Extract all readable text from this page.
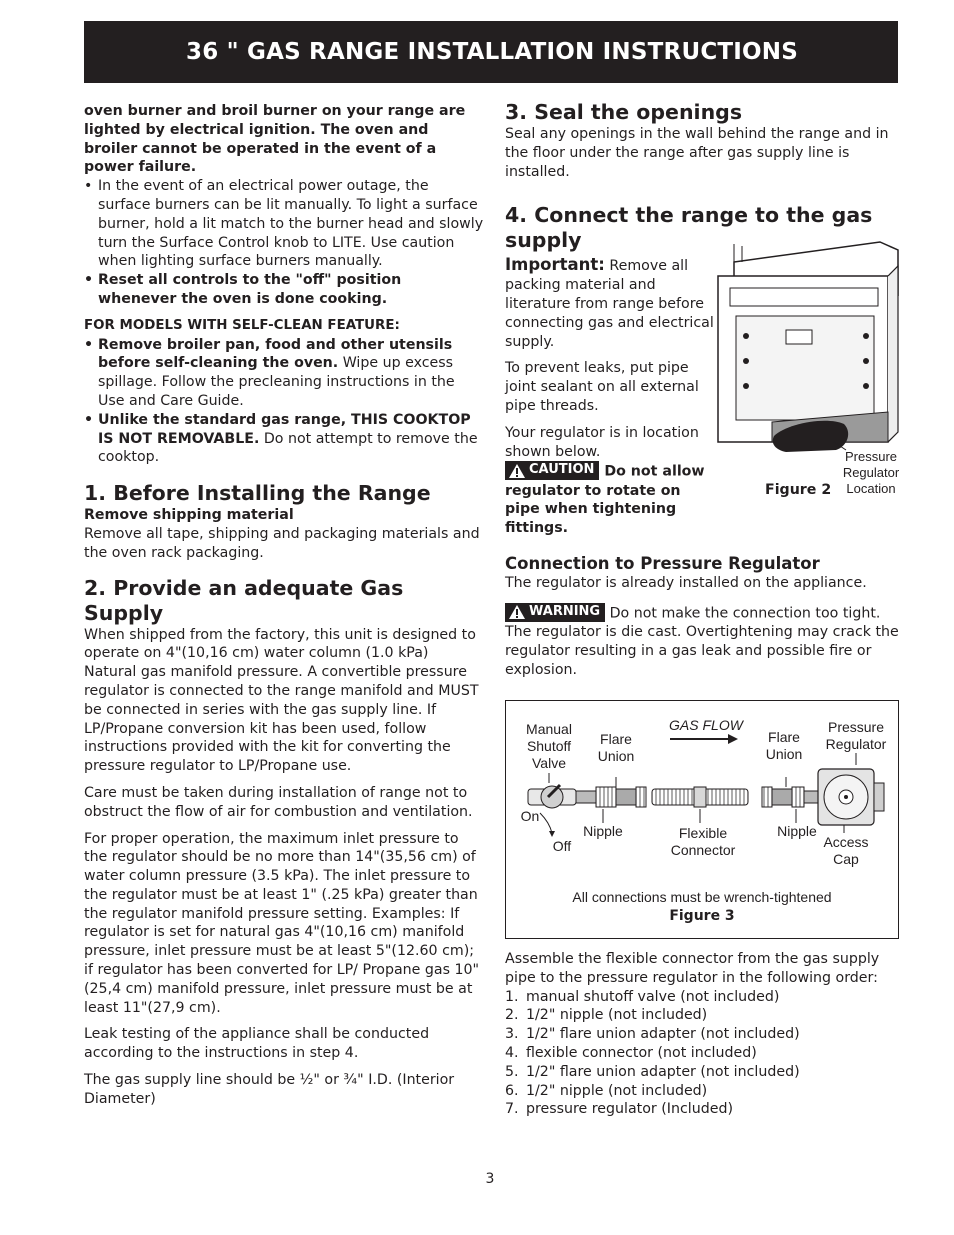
36 " GAS RANGE INSTALLATION INSTRUCTIONS

oven burner and broil burner on your range are lighted by electrical ignition. The oven and broiler cannot be operated in the event of a power failure.

• In the event of an electrical power outage, the surface burners can be lit manually. To light a surface burner, hold a lit match to the burner head and slowly turn the Surface Control knob to LITE. Use caution when lighting surface burners manually.
• Reset all controls to the "off" position whenever the oven is done cooking.

FOR MODELS WITH SELF-CLEAN FEATURE:

• Remove broiler pan, food and other utensils before self-cleaning the oven. Wipe up excess spillage. Follow the precleaning instructions in the Use and Care Guide.
• Unlike the standard gas range, THIS COOKTOP IS NOT REMOVABLE. Do not attempt to remove the cooktop.
1. Before Installing the Range

Remove shipping material

Remove all tape, shipping and packaging materials and the oven rack packaging.

2. Provide an adequate Gas Supply

When shipped from the factory, this unit is designed to operate on 4"(10,16 cm) water column (1.0 kPa) Natural gas manifold pressure. A convertible pressure regulator is connected to the range manifold and MUST be connected in series with the gas supply line. If LP/Propane conversion kit has been used, follow instructions provided with the kit for converting the pressure regulator to LP/Propane use.

Care must be taken during installation of range not to obstruct the flow of air for combustion and ventilation.

For proper operation, the maximum inlet pressure to the regulator should be no more than 14"(35,56 cm) of water column pressure (3.5 kPa). The inlet pressure to the regulator must be at least 1" (.25 kPa) greater than the regulator manifold pressure setting. Examples: If regulator is set for natural gas 4"(10,16 cm) manifold pressure, inlet pressure must be at least 5"(12.60 cm); if regulator has been converted for LP/ Propane gas 10"(25,4 cm) manifold pressure, inlet pressure must be at least 11"(27,9 cm).

Leak testing of the appliance shall be conducted according to the instructions in step 4.

The gas supply line should be ½" or ¾" I.D. (Interior Diameter)

3. Seal the openings

Seal any openings in the wall behind the range and in the floor under the range after gas supply line is installed.

4. Connect the range to the gas supply

Important: Remove all packing material and literature from range before connecting gas and electrical supply.

To prevent leaks, put pipe joint sealant on all external pipe threads.

Your regulator is in location shown below.

CAUTION Do not allow regulator to rotate on pipe when tightening fittings.

Connection to Pressure Regulator

The regulator is already installed on the appliance.

WARNING Do not make the connection too tight. The regulator is die cast. Overtightening may crack the regulator resulting in a gas leak and possible fire or explosion.

Pressure Regulator Location
Figure 2
Manual Shutoff Valve
Flare Union
GAS FLOW
Flare Union
Pressure Regulator
On
Off
Nipple	Flexible Connector
Nipple
Access Cap
All connections must be wrench-tightened
Figure 3

Assemble the flexible connector from the gas supply pipe to the pressure regulator in the following order:

1. manual shutoff valve (not included)
2. 1/2" nipple (not included)
3. 1/2" flare union adapter (not included)
4. flexible connector (not included)
5. 1/2" flare union adapter (not included)
6. 1/2" nipple (not included)
7. pressure regulator (Included)
3
